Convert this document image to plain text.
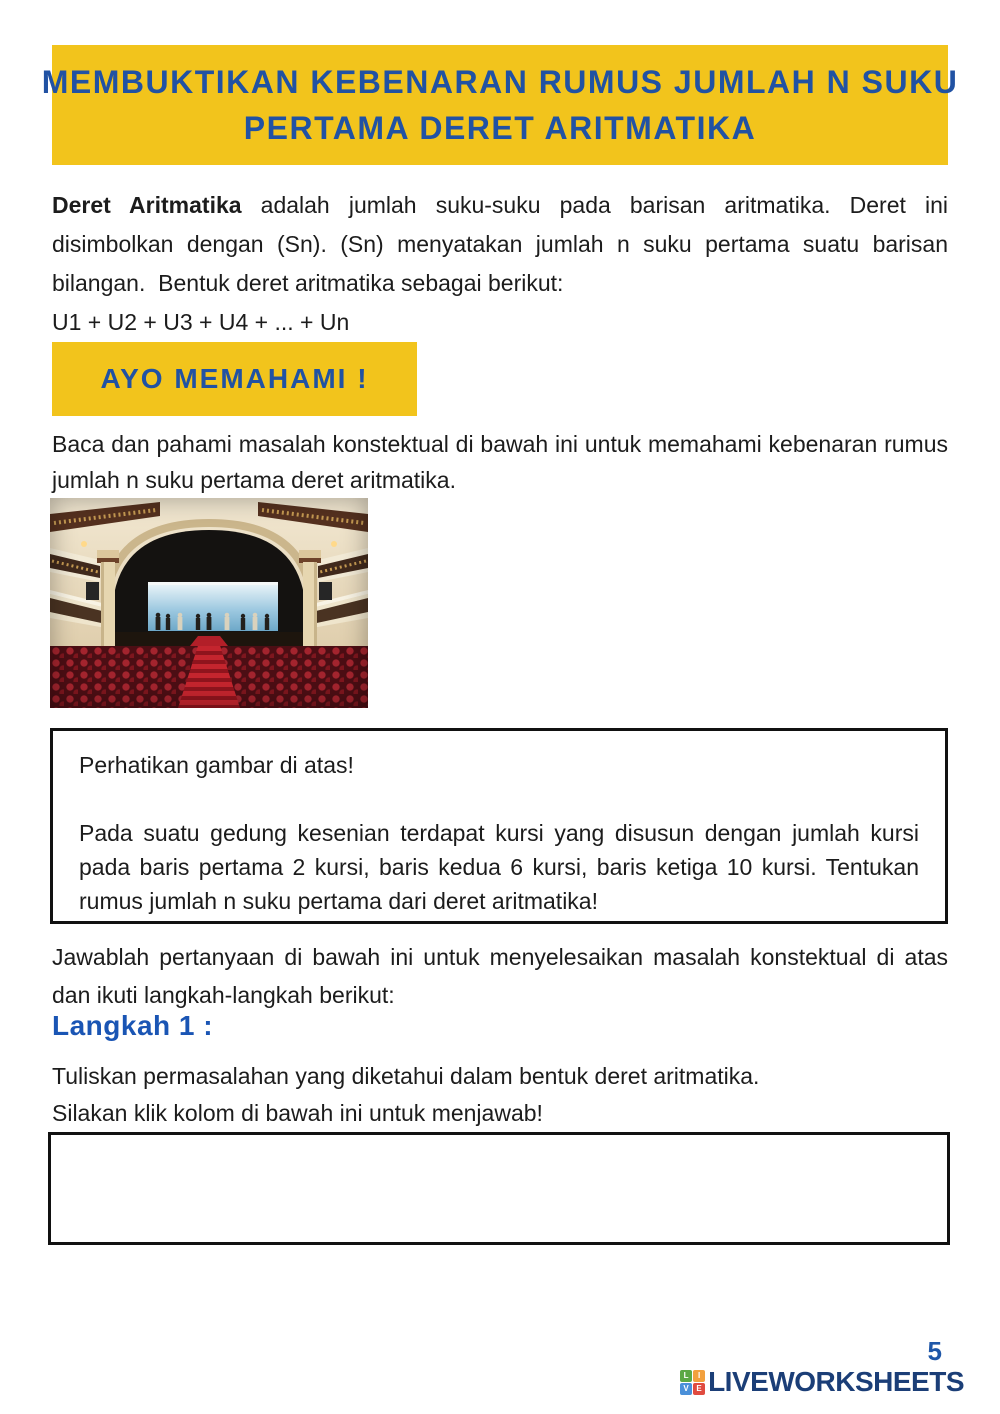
MEMBUKTIKAN KEBENARAN RUMUS JUMLAH N SUKU
PERTAMA DERET ARITMATIKA
Deret Aritmatika adalah jumlah suku-suku pada barisan aritmatika. Deret ini disimbolkan dengan (Sn). (Sn) menyatakan jumlah n suku pertama suatu barisan bilangan.  Bentuk deret aritmatika sebagai berikut:
U1 + U2 + U3 + U4 + ... + Un
AYO MEMAHAMI !
Baca dan pahami masalah konstektual di bawah ini untuk memahami kebenaran rumus jumlah n suku pertama deret aritmatika.
Perhatikan gambar di atas!
Pada suatu gedung kesenian terdapat kursi yang disusun dengan jumlah kursi pada baris pertama 2 kursi, baris kedua 6 kursi, baris ketiga 10 kursi. Tentukan rumus jumlah n suku pertama dari deret aritmatika!
Jawablah pertanyaan di bawah ini untuk menyelesaikan masalah konstektual di atas dan ikuti langkah-langkah berikut:
Langkah 1 :
Tuliskan permasalahan yang diketahui dalam bentuk deret aritmatika.
Silakan klik kolom di bawah ini untuk menjawab!
5
L	I
V E LIVEWORKSHEETS
